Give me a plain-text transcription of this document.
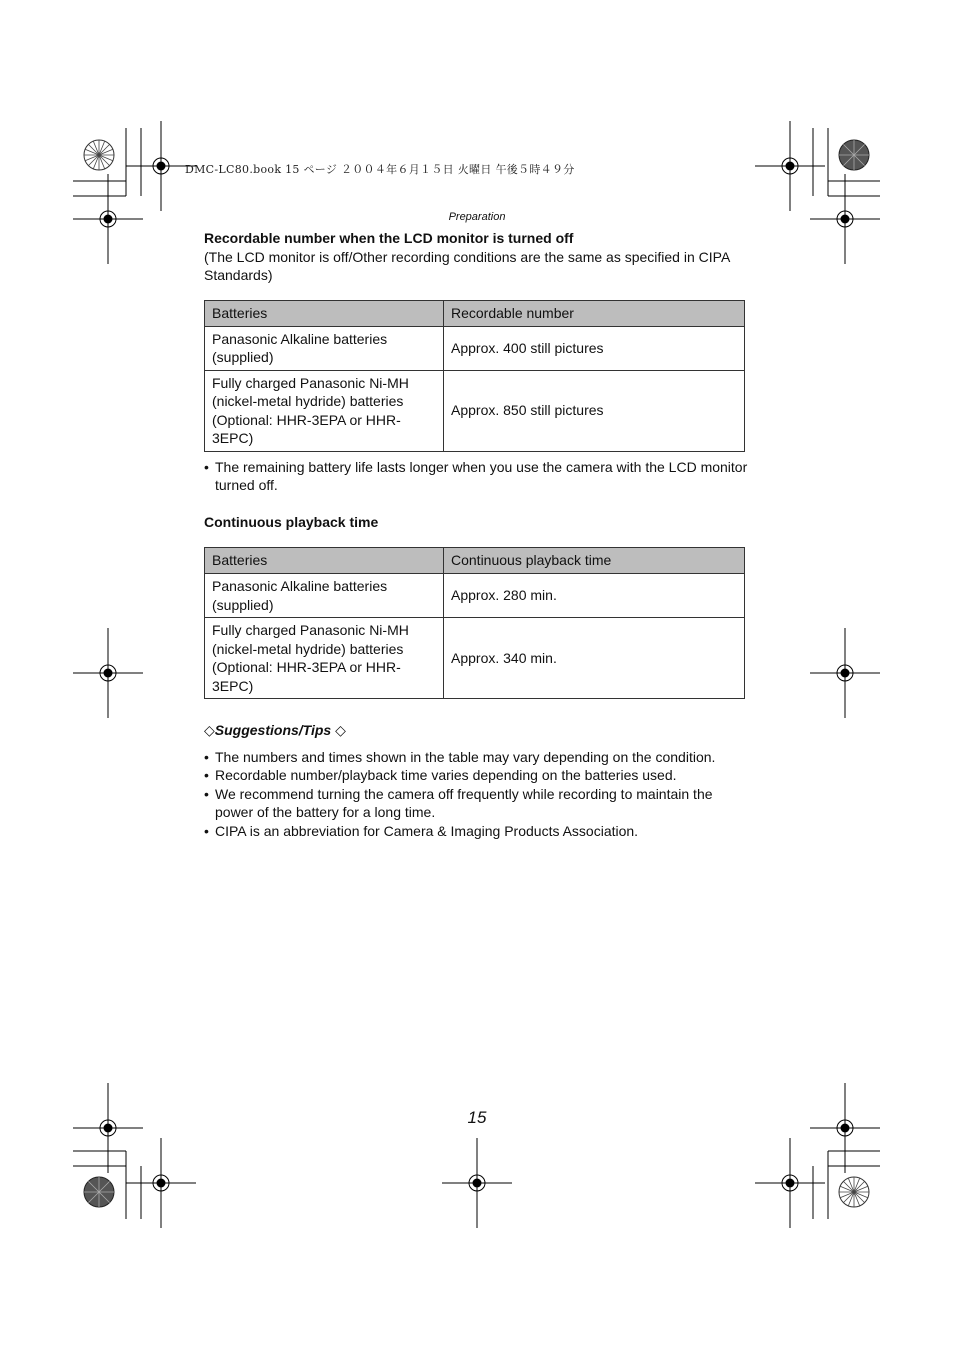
DMC-LC80.book 15 ページ ２００４年６月１５日 火曜日 午後５時４９分
Preparation

Recordable number when the LCD monitor is turned off

(The LCD monitor is off/Other recording conditions are the same as specified in CIPA Standards)

Batteries	Recordable number
Panasonic Alkaline batteries (supplied)	Approx. 400 still pictures
Fully charged Panasonic Ni-MH (nickel-metal hydride) batteries (Optional: HHR-3EPA or HHR-3EPC)	Approx. 850 still pictures
• The remaining battery life lasts longer when you use the camera with the LCD monitor turned off.

Continuous playback time

Batteries	Continuous playback time
Panasonic Alkaline batteries (supplied)	Approx. 280 min.
Fully charged Panasonic Ni-MH (nickel-metal hydride) batteries (Optional: HHR-3EPA or HHR-3EPC)	Approx. 340 min.
◇Suggestions/Tips ◇
• The numbers and times shown in the table may vary depending on the condition.
• Recordable number/playback time varies depending on the batteries used.
• We recommend turning the camera off frequently while recording to maintain the power of the battery for a long time.
• CIPA is an abbreviation for Camera & Imaging Products Association.
15
